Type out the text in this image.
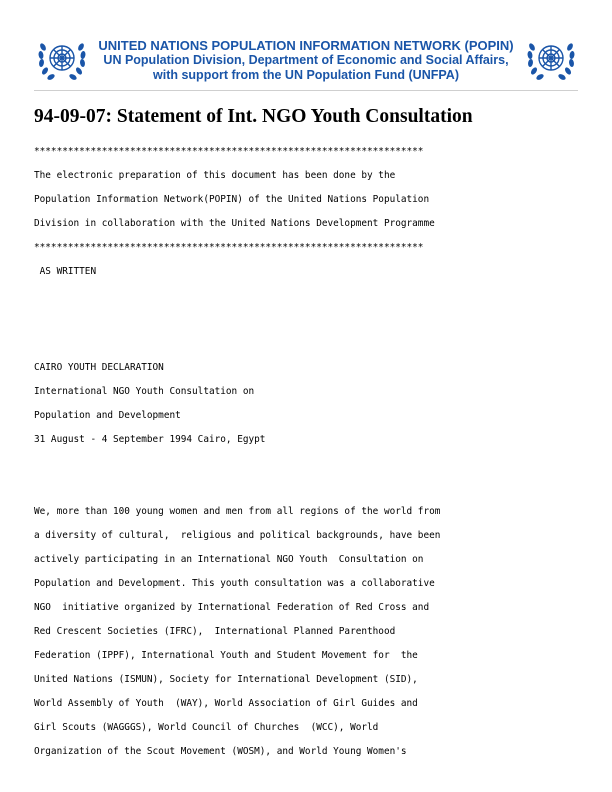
UNITED NATIONS POPULATION INFORMATION NETWORK (POPIN)
UN Population Division, Department of Economic and Social Affairs,
with support from the UN Population Fund (UNFPA)
94-09-07: Statement of Int. NGO Youth Consultation
*********************************************************************
The electronic preparation of this document has been done by the
Population Information Network(POPIN) of the United Nations Population
Division in collaboration with the United Nations Development Programme
*********************************************************************
AS WRITTEN
CAIRO YOUTH DECLARATION
International NGO Youth Consultation on
Population and Development
31 August - 4 September 1994 Cairo, Egypt
We, more than 100 young women and men from all regions of the world from
a diversity of cultural,  religious and political backgrounds, have been
actively participating in an International NGO Youth  Consultation on
Population and Development. This youth consultation was a collaborative
NGO  initiative organized by International Federation of Red Cross and
Red Crescent Societies (IFRC),  International Planned Parenthood
Federation (IPPF), International Youth and Student Movement for  the
United Nations (ISMUN), Society for International Development (SID),
World Assembly of Youth  (WAY), World Association of Girl Guides and
Girl Scouts (WAGGGS), World Council of Churches  (WCC), World
Organization of the Scout Movement (WOSM), and World Young Women's
